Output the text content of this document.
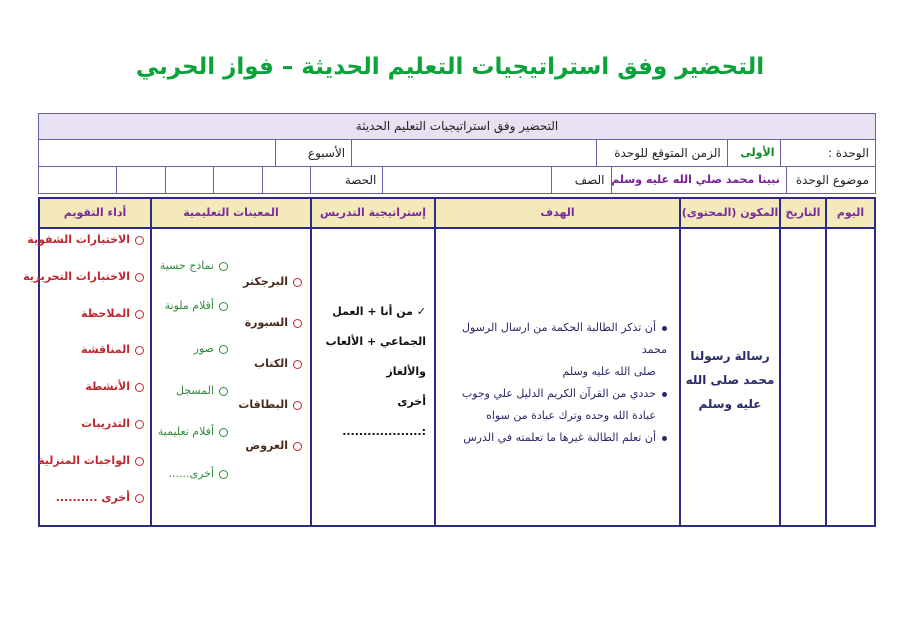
التحضير وفق استراتيجيات التعليم الحديثة – فواز الحربي
التحضير وفق استراتيجيات التعليم الحديثة
الوحدة :
الأولى
الزمن المتوقع للوحدة
الأسبوع
موضوع الوحدة
نبينا محمد صلي الله عليه وسلم
الصف
الحصة
اليوم
التاريخ
المكون (المحتوى)
رسالة رسولنا
محمد صلى الله
عليه وسلم
الهدف
أن تذكر الطالبة الحكمة من ارسال الرسول محمد
صلى الله عليه وسلم
حددي من القرآن الكريم الدليل علي وجوب
عبادة الله وحده وترك عبادة من سواه
أن تعلم الطالبة غيرها ما تعلمته في الدرس
إستراتيجية التدريس
✓ من أنا + العمل
الجماعي + الألعاب
والألغاز
أخرى :...................
المعينات التعليمية
البرجكتر
السبورة
الكتاب
البطاقات
العروض
نماذج حسية
أقلام ملونة
صور
المسجل
أفلام تعليمية
أخرى......
أداء التقويم
الاختبارات الشفوية
الاختبارات التحريرية
الملاحظة
المناقشة
الأنشطة
التدريبات
الواجبات المنزلية
أخرى ..........
